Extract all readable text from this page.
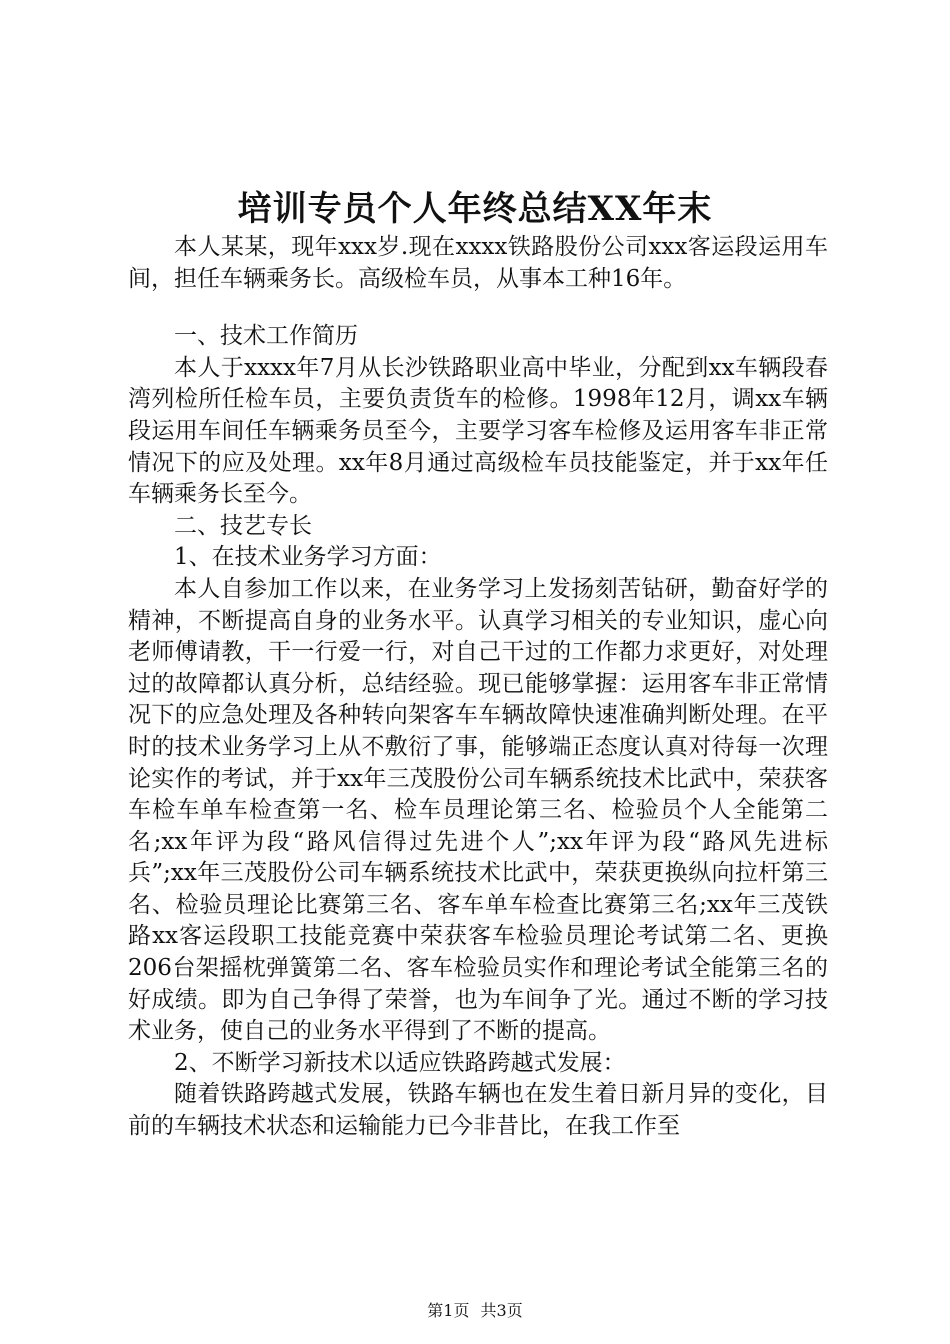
培训专员个人年终总结XX年末

本人某某，现年xxx岁.现在xxxx铁路股份公司xxx客运段运用车间，担任车辆乘务长。高级检车员，从事本工种16年。

一、技术工作简历

本人于xxxx年7月从长沙铁路职业高中毕业，分配到xx车辆段春湾列检所任检车员，主要负责货车的检修。1998年12月，调xx车辆段运用车间任车辆乘务员至今，主要学习客车检修及运用客车非正常情况下的应及处理。xx年8月通过高级检车员技能鉴定，并于xx年任车辆乘务长至今。

二、技艺专长

1、在技术业务学习方面：

本人自参加工作以来，在业务学习上发扬刻苦钻研，勤奋好学的精神，不断提高自身的业务水平。认真学习相关的专业知识，虚心向老师傅请教，干一行爱一行，对自己干过的工作都力求更好，对处理过的故障都认真分析，总结经验。现已能够掌握：运用客车非正常情况下的应急处理及各种转向架客车车辆故障快速准确判断处理。在平时的技术业务学习上从不敷衍了事，能够端正态度认真对待每一次理论实作的考试，并于xx年三茂股份公司车辆系统技术比武中，荣获客车检车单车检查第一名、检车员理论第三名、检验员个人全能第二名;xx年评为段“路风信得过先进个人”;xx年评为段“路风先进标兵”;xx年三茂股份公司车辆系统技术比武中，荣获更换纵向拉杆第三名、检验员理论比赛第三名、客车单车检查比赛第三名;xx年三茂铁路xx客运段职工技能竞赛中荣获客车检验员理论考试第二名、更换206台架摇枕弹簧第二名、客车检验员实作和理论考试全能第三名的好成绩。即为自己争得了荣誉，也为车间争了光。通过不断的学习技术业务，使自己的业务水平得到了不断的提高。

2、不断学习新技术以适应铁路跨越式发展：

随着铁路跨越式发展，铁路车辆也在发生着日新月异的变化，目前的车辆技术状态和运输能力已今非昔比，在我工作至

第1页 共3页
